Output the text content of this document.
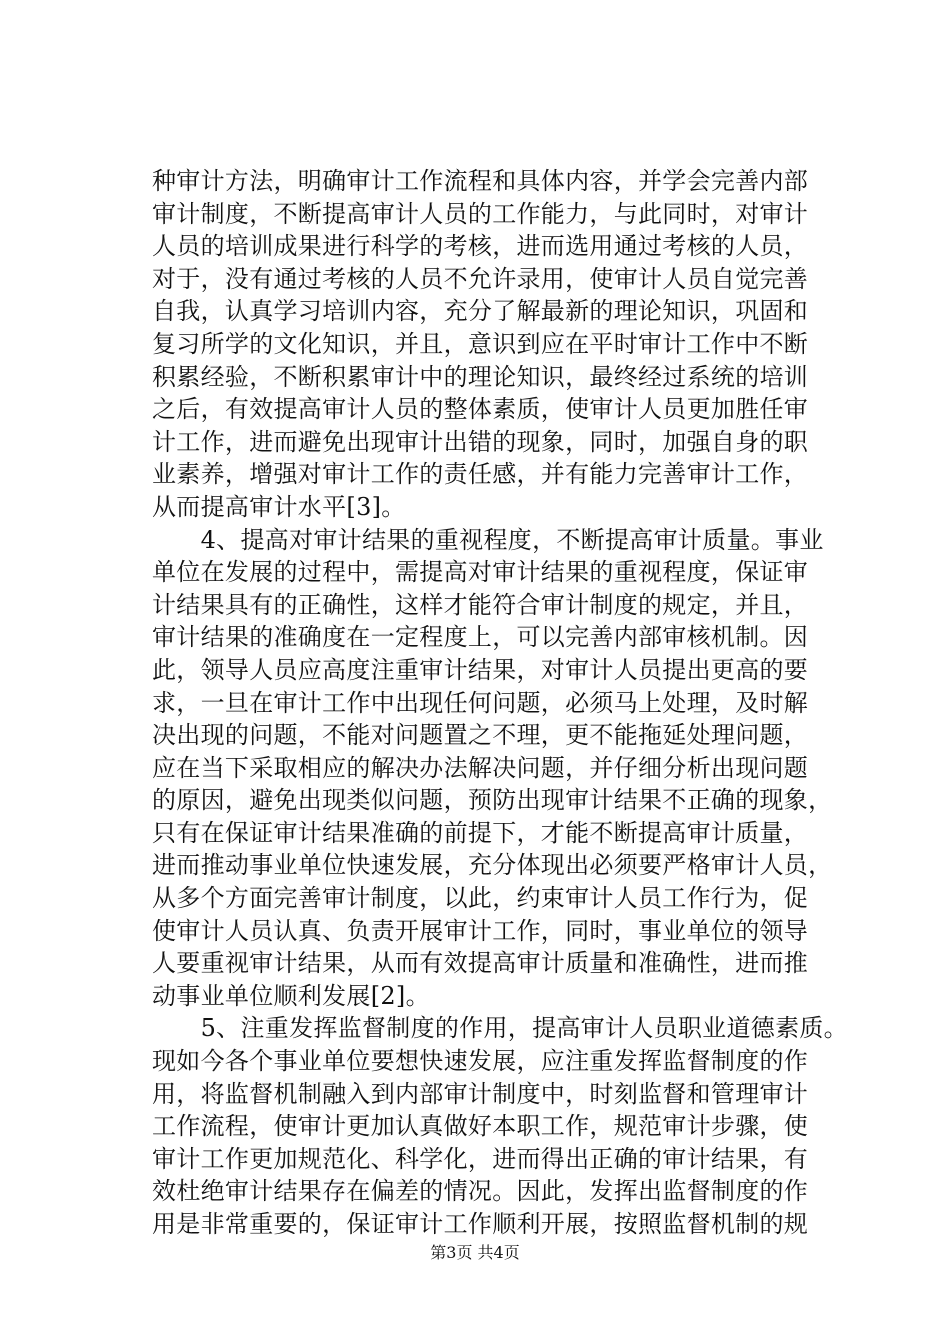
种审计方法，明确审计工作流程和具体内容，并学会完善内部
审计制度，不断提高审计人员的工作能力，与此同时，对审计
人员的培训成果进行科学的考核，进而选用通过考核的人员，
对于，没有通过考核的人员不允许录用，使审计人员自觉完善
自我，认真学习培训内容，充分了解最新的理论知识，巩固和
复习所学的文化知识，并且，意识到应在平时审计工作中不断
积累经验，不断积累审计中的理论知识，最终经过系统的培训
之后，有效提高审计人员的整体素质，使审计人员更加胜任审
计工作，进而避免出现审计出错的现象，同时，加强自身的职
业素养，增强对审计工作的责任感，并有能力完善审计工作，
从而提高审计水平[3]。
　　4、提高对审计结果的重视程度，不断提高审计质量。事业
单位在发展的过程中，需提高对审计结果的重视程度，保证审
计结果具有的正确性，这样才能符合审计制度的规定，并且，
审计结果的准确度在一定程度上，可以完善内部审核机制。因
此，领导人员应高度注重审计结果，对审计人员提出更高的要
求，一旦在审计工作中出现任何问题，必须马上处理，及时解
决出现的问题，不能对问题置之不理，更不能拖延处理问题，
应在当下采取相应的解决办法解决问题，并仔细分析出现问题
的原因，避免出现类似问题，预防出现审计结果不正确的现象，
只有在保证审计结果准确的前提下，才能不断提高审计质量，
进而推动事业单位快速发展，充分体现出必须要严格审计人员，
从多个方面完善审计制度，以此，约束审计人员工作行为，促
使审计人员认真、负责开展审计工作，同时，事业单位的领导
人要重视审计结果，从而有效提高审计质量和准确性，进而推
动事业单位顺利发展[2]。
　　5、注重发挥监督制度的作用，提高审计人员职业道德素质。
现如今各个事业单位要想快速发展，应注重发挥监督制度的作
用，将监督机制融入到内部审计制度中，时刻监督和管理审计
工作流程，使审计更加认真做好本职工作，规范审计步骤，使
审计工作更加规范化、科学化，进而得出正确的审计结果，有
效杜绝审计结果存在偏差的情况。因此，发挥出监督制度的作
用是非常重要的，保证审计工作顺利开展，按照监督机制的规
第3页 共4页
